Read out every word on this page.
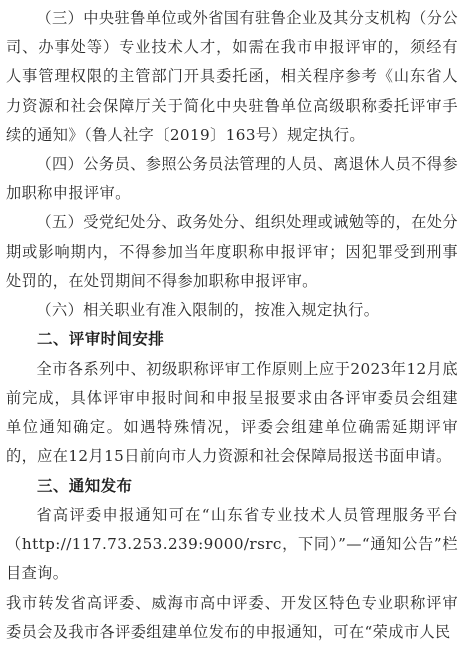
（三）中央驻鲁单位或外省国有驻鲁企业及其分支机构（分公司、办事处等）专业技术人才，如需在我市申报评审的，须经有人事管理权限的主管部门开具委托函，相关程序参考《山东省人力资源和社会保障厅关于简化中央驻鲁单位高级职称委托评审手续的通知》（鲁人社字〔2019〕163号）规定执行。

（四）公务员、参照公务员法管理的人员、离退休人员不得参加职称申报评审。

（五）受党纪处分、政务处分、组织处理或诫勉等的，在处分期或影响期内，不得参加当年度职称申报评审；因犯罪受到刑事处罚的，在处罚期间不得参加职称申报评审。

（六）相关职业有准入限制的，按准入规定执行。

二、评审时间安排

全市各系列中、初级职称评审工作原则上应于2023年12月底前完成，具体评审申报时间和申报呈报要求由各评审委员会组建单位通知确定。如遇特殊情况，评委会组建单位确需延期评审的，应在12月15日前向市人力资源和社会保障局报送书面申请。

三、通知发布

省高评委申报通知可在“山东省专业技术人员管理服务平台（http://117.73.253.239:9000/rsrc，下同）”—“通知公告”栏目查询。

我市转发省高评委、威海市高中评委、开发区特色专业职称评审委员会及我市各评委组建单位发布的申报通知，可在“荣成市人民
